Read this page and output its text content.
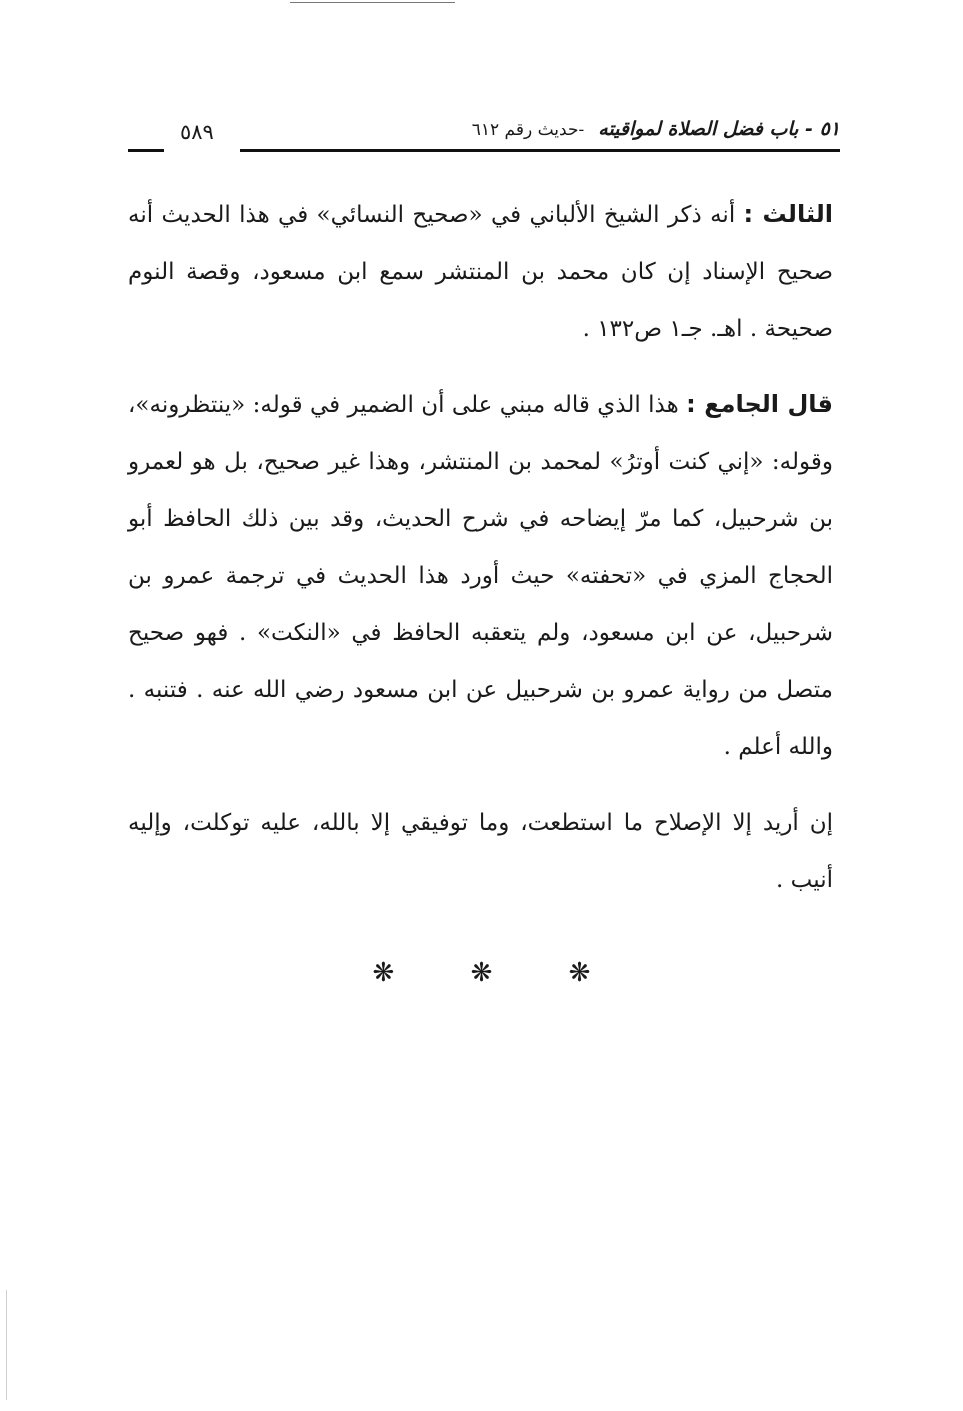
٥١ - باب فضل الصلاة لمواقيته -حديث رقم ٦١٢
٥٨٩

الثالث : أنه ذكر الشيخ الألباني في «صحيح النسائي» في هذا الحديث أنه صحيح الإسناد إن كان محمد بن المنتشر سمع ابن مسعود، وقصة النوم صحيحة . اهـ. جـ١ ص١٣٢ .

قال الجامع : هذا الذي قاله مبني على أن الضمير في قوله: «ينتظرونه»، وقوله: «إني كنت أوترُ» لمحمد بن المنتشر، وهذا غير صحيح، بل هو لعمرو بن شرحبيل، كما مرّ إيضاحه في شرح الحديث، وقد بين ذلك الحافظ أبو الحجاج المزي في «تحفته» حيث أورد هذا الحديث في ترجمة عمرو بن شرحبيل، عن ابن مسعود، ولم يتعقبه الحافظ في «النكت» . فهو صحيح متصل من رواية عمرو بن شرحبيل عن ابن مسعود رضي الله عنه . فتنبه . والله أعلم .

إن أريد إلا الإصلاح ما استطعت، وما توفيقي إلا بالله، عليه توكلت، وإليه أنيب .

❋ ❋ ❋
